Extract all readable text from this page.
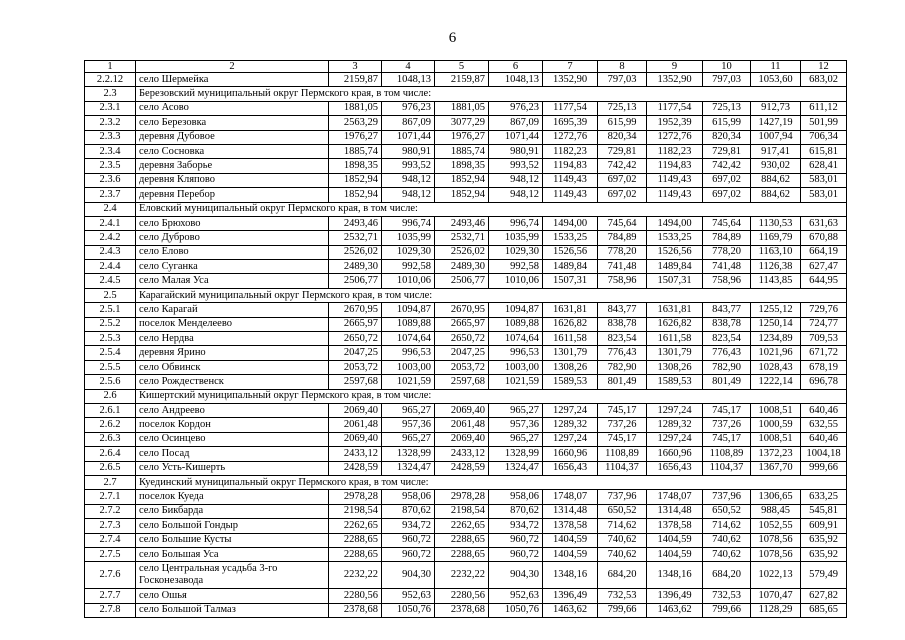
6
1	2	3	4	5	6	7	8	9	10	11	12
2.2.12	село Шермейка	2159,87	1048,13	2159,87	1048,13	1352,90	797,03	1352,90	797,03	1053,60	683,02
2.3	Березовский муниципальный округ Пермского края, в том числе:										
2.3.1	село Асово	1881,05	976,23	1881,05	976,23	1177,54	725,13	1177,54	725,13	912,73	611,12
2.3.2	село Березовка	2563,29	867,09	3077,29	867,09	1695,39	615,99	1952,39	615,99	1427,19	501,99
2.3.3	деревня Дубовое	1976,27	1071,44	1976,27	1071,44	1272,76	820,34	1272,76	820,34	1007,94	706,34
2.3.4	село Сосновка	1885,74	980,91	1885,74	980,91	1182,23	729,81	1182,23	729,81	917,41	615,81
2.3.5	деревня Заборье	1898,35	993,52	1898,35	993,52	1194,83	742,42	1194,83	742,42	930,02	628,41
2.3.6	деревня Кляпово	1852,94	948,12	1852,94	948,12	1149,43	697,02	1149,43	697,02	884,62	583,01
2.3.7	деревня Перебор	1852,94	948,12	1852,94	948,12	1149,43	697,02	1149,43	697,02	884,62	583,01
2.4	Еловский муниципальный округ Пермского края, в том числе:										
2.4.1	село Брюхово	2493,46	996,74	2493,46	996,74	1494,00	745,64	1494,00	745,64	1130,53	631,63
2.4.2	село Дуброво	2532,71	1035,99	2532,71	1035,99	1533,25	784,89	1533,25	784,89	1169,79	670,88
2.4.3	село Елово	2526,02	1029,30	2526,02	1029,30	1526,56	778,20	1526,56	778,20	1163,10	664,19
2.4.4	село Суганка	2489,30	992,58	2489,30	992,58	1489,84	741,48	1489,84	741,48	1126,38	627,47
2.4.5	село Малая Уса	2506,77	1010,06	2506,77	1010,06	1507,31	758,96	1507,31	758,96	1143,85	644,95
2.5	Карагайский муниципальный округ Пермского края, в том числе:										
2.5.1	село Карагай	2670,95	1094,87	2670,95	1094,87	1631,81	843,77	1631,81	843,77	1255,12	729,76
2.5.2	поселок Менделеево	2665,97	1089,88	2665,97	1089,88	1626,82	838,78	1626,82	838,78	1250,14	724,77
2.5.3	село Нердва	2650,72	1074,64	2650,72	1074,64	1611,58	823,54	1611,58	823,54	1234,89	709,53
2.5.4	деревня Ярино	2047,25	996,53	2047,25	996,53	1301,79	776,43	1301,79	776,43	1021,96	671,72
2.5.5	село Обвинск	2053,72	1003,00	2053,72	1003,00	1308,26	782,90	1308,26	782,90	1028,43	678,19
2.5.6	село Рождественск	2597,68	1021,59	2597,68	1021,59	1589,53	801,49	1589,53	801,49	1222,14	696,78
2.6	Кишертский муниципальный округ Пермского края, в том числе:										
2.6.1	село Андреево	2069,40	965,27	2069,40	965,27	1297,24	745,17	1297,24	745,17	1008,51	640,46
2.6.2	поселок Кордон	2061,48	957,36	2061,48	957,36	1289,32	737,26	1289,32	737,26	1000,59	632,55
2.6.3	село Осинцево	2069,40	965,27	2069,40	965,27	1297,24	745,17	1297,24	745,17	1008,51	640,46
2.6.4	село Посад	2433,12	1328,99	2433,12	1328,99	1660,96	1108,89	1660,96	1108,89	1372,23	1004,18
2.6.5	село Усть-Кишерть	2428,59	1324,47	2428,59	1324,47	1656,43	1104,37	1656,43	1104,37	1367,70	999,66
2.7	Куединский муниципальный округ Пермского края, в том числе:										
2.7.1	поселок Куеда	2978,28	958,06	2978,28	958,06	1748,07	737,96	1748,07	737,96	1306,65	633,25
2.7.2	село Бикбарда	2198,54	870,62	2198,54	870,62	1314,48	650,52	1314,48	650,52	988,45	545,81
2.7.3	село Большой Гондыр	2262,65	934,72	2262,65	934,72	1378,58	714,62	1378,58	714,62	1052,55	609,91
2.7.4	село Большие Кусты	2288,65	960,72	2288,65	960,72	1404,59	740,62	1404,59	740,62	1078,56	635,92
2.7.5	село Большая Уса	2288,65	960,72	2288,65	960,72	1404,59	740,62	1404,59	740,62	1078,56	635,92
2.7.6	село Центральная усадьба 3-го Госконезавода	2232,22	904,30	2232,22	904,30	1348,16	684,20	1348,16	684,20	1022,13	579,49
2.7.7	село Ошья	2280,56	952,63	2280,56	952,63	1396,49	732,53	1396,49	732,53	1070,47	627,82
2.7.8	село Большой Талмаз	2378,68	1050,76	2378,68	1050,76	1463,62	799,66	1463,62	799,66	1128,29	685,65
